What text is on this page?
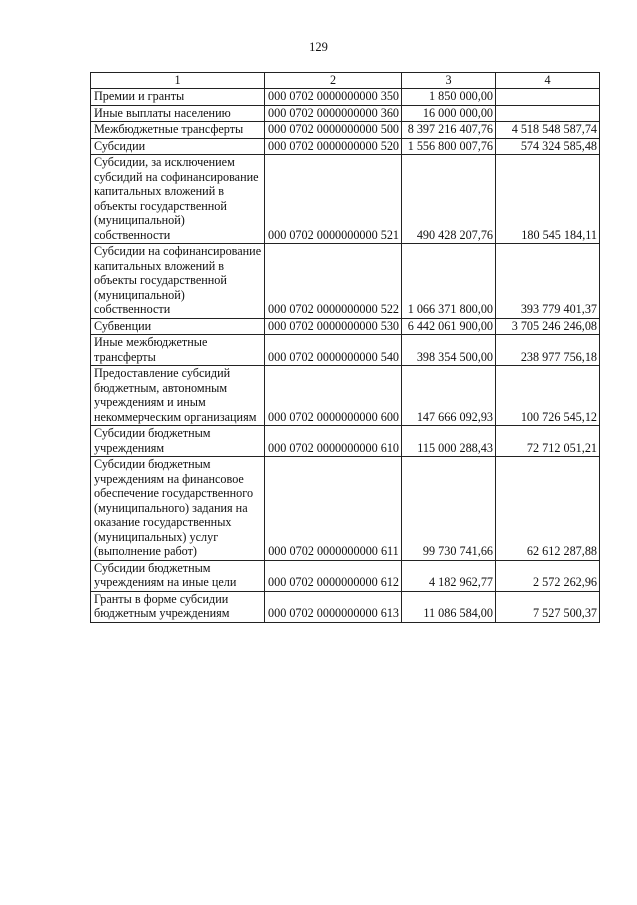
129
1	2	3	4
Премии и гранты	000 0702 0000000000 350	1 850 000,00	
Иные выплаты населению	000 0702 0000000000 360	16 000 000,00	
Межбюджетные трансферты	000 0702 0000000000 500	8 397 216 407,76	4 518 548 587,74
Субсидии	000 0702 0000000000 520	1 556 800 007,76	574 324 585,48
Субсидии, за исключением субсидий на софинансирование капитальных вложений в объекты государственной (муниципальной) собственности	000 0702 0000000000 521	490 428 207,76	180 545 184,11
Субсидии на софинансирование капитальных вложений в объекты государственной (муниципальной) собственности	000 0702 0000000000 522	1 066 371 800,00	393 779 401,37
Субвенции	000 0702 0000000000 530	6 442 061 900,00	3 705 246 246,08
Иные межбюджетные трансферты	000 0702 0000000000 540	398 354 500,00	238 977 756,18
Предоставление субсидий бюджетным, автономным учреждениям и иным некоммерческим организациям	000 0702 0000000000 600	147 666 092,93	100 726 545,12
Субсидии бюджетным учреждениям	000 0702 0000000000 610	115 000 288,43	72 712 051,21
Субсидии бюджетным учреждениям на финансовое обеспечение государственного (муниципального) задания на оказание государственных (муниципальных) услуг (выполнение работ)	000 0702 0000000000 611	99 730 741,66	62 612 287,88
Субсидии бюджетным учреждениям на иные цели	000 0702 0000000000 612	4 182 962,77	2 572 262,96
Гранты в форме субсидии бюджетным учреждениям	000 0702 0000000000 613	11 086 584,00	7 527 500,37
